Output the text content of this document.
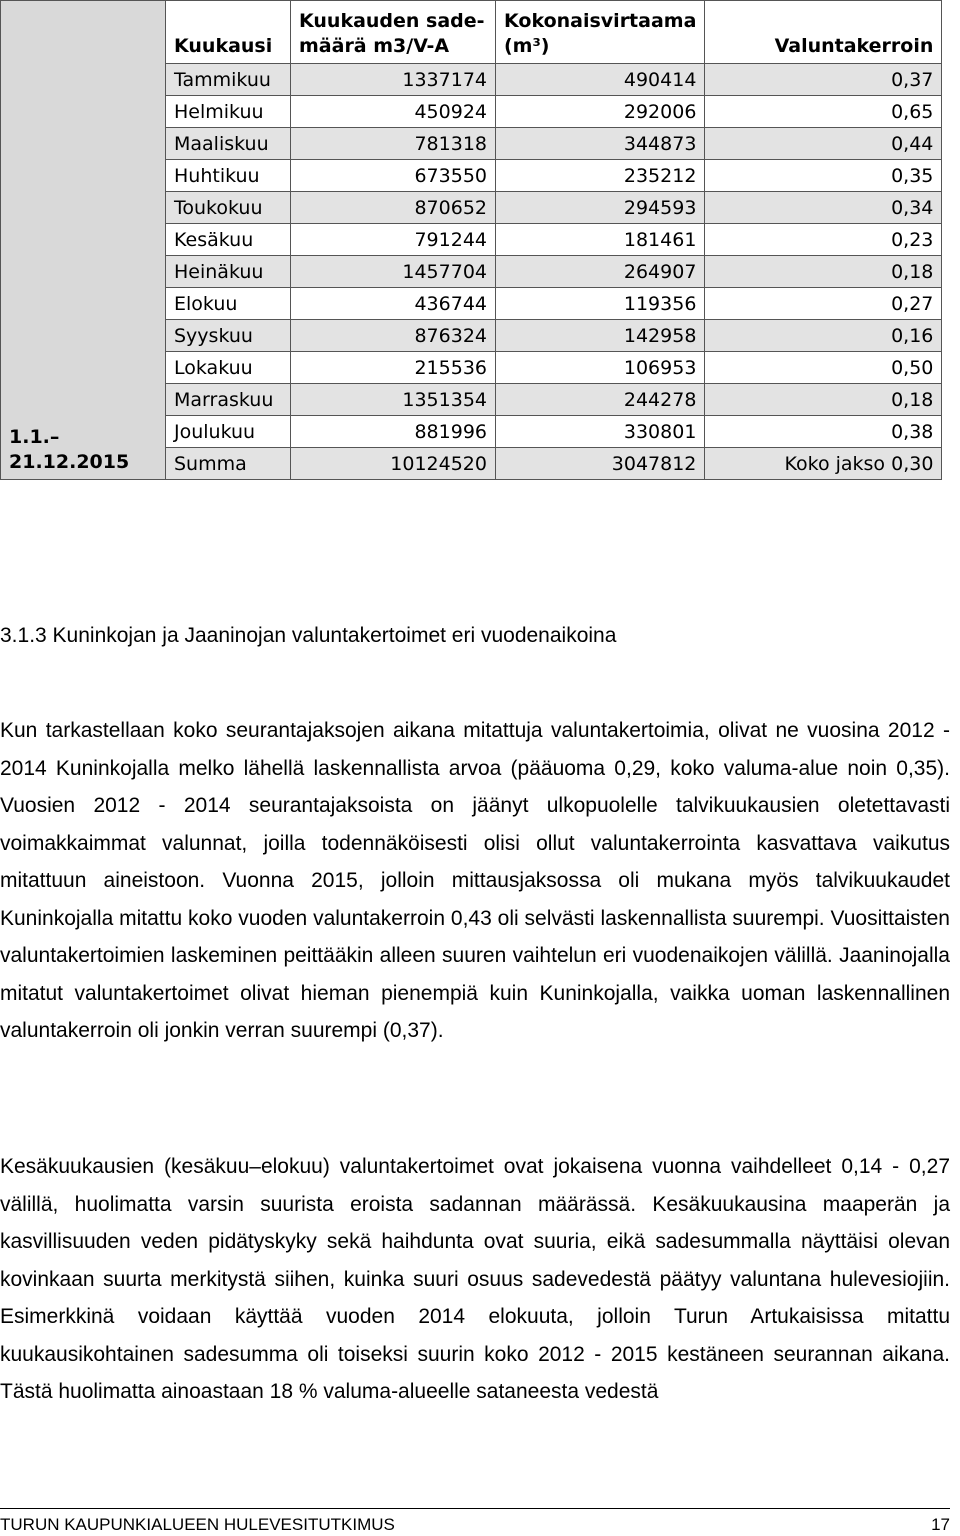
1.1.– 21.12.2015	Kuukausi	Kuukauden sade-
määrä m3/V-A	Kokonaisvirtaama (m³)	Valuntakerroin
	Tammikuu	1337174	490414	0,37
	Helmikuu	450924	292006	0,65
	Maaliskuu	781318	344873	0,44
	Huhtikuu	673550	235212	0,35
	Toukokuu	870652	294593	0,34
	Kesäkuu	791244	181461	0,23
	Heinäkuu	1457704	264907	0,18
	Elokuu	436744	119356	0,27
	Syyskuu	876324	142958	0,16
	Lokakuu	215536	106953	0,50
	Marraskuu	1351354	244278	0,18
	Joulukuu	881996	330801	0,38
	Summa	10124520	3047812	Koko jakso 0,30
3.1.3 Kuninkojan ja Jaaninojan valuntakertoimet eri vuodenaikoina

Kun tarkastellaan koko seurantajaksojen aikana mitattuja valuntakertoimia, olivat ne vuosina 2012 - 2014 Kuninkojalla melko lähellä laskennallista arvoa (pääuoma 0,29, koko valuma-alue noin 0,35). Vuosien 2012 - 2014 seurantajaksoista on jäänyt ulkopuolelle talvikuukausien oletettavasti voimakkaimmat valunnat, joilla todennäköisesti olisi ollut valuntakerrointa kasvattava vaikutus mitattuun aineistoon. Vuonna 2015, jolloin mittausjaksossa oli mukana myös talvikuukaudet Kuninkojalla mitattu koko vuoden valuntakerroin 0,43 oli selvästi laskennallista suurempi. Vuosittaisten valuntakertoimien laskeminen peittääkin alleen suuren vaihtelun eri vuodenaikojen välillä. Jaaninojalla mitatut valuntakertoimet olivat hieman pienempiä kuin Kuninkojalla, vaikka uoman laskennallinen valuntakerroin oli jonkin verran suurempi (0,37).

Kesäkuukausien (kesäkuu–elokuu) valuntakertoimet ovat jokaisena vuonna vaihdelleet 0,14 - 0,27 välillä, huolimatta varsin suurista eroista sadannan määrässä. Kesäkuukausina maaperän ja kasvillisuuden veden pidätyskyky sekä haihdunta ovat suuria, eikä sadesummalla näyttäisi olevan kovinkaan suurta merkitystä siihen, kuinka suuri osuus sadevedestä päätyy valuntana hulevesiojiin. Esimerkkinä voidaan käyttää vuoden 2014 elokuuta, jolloin Turun Artukaisissa mitattu kuukausikohtainen sadesumma oli toiseksi suurin koko 2012 - 2015 kestäneen seurannan aikana. Tästä huolimatta ainoastaan 18 % valuma-alueelle sataneesta vedestä

TURUN KAUPUNKIALUEEN HULEVESITUTKIMUS	17
